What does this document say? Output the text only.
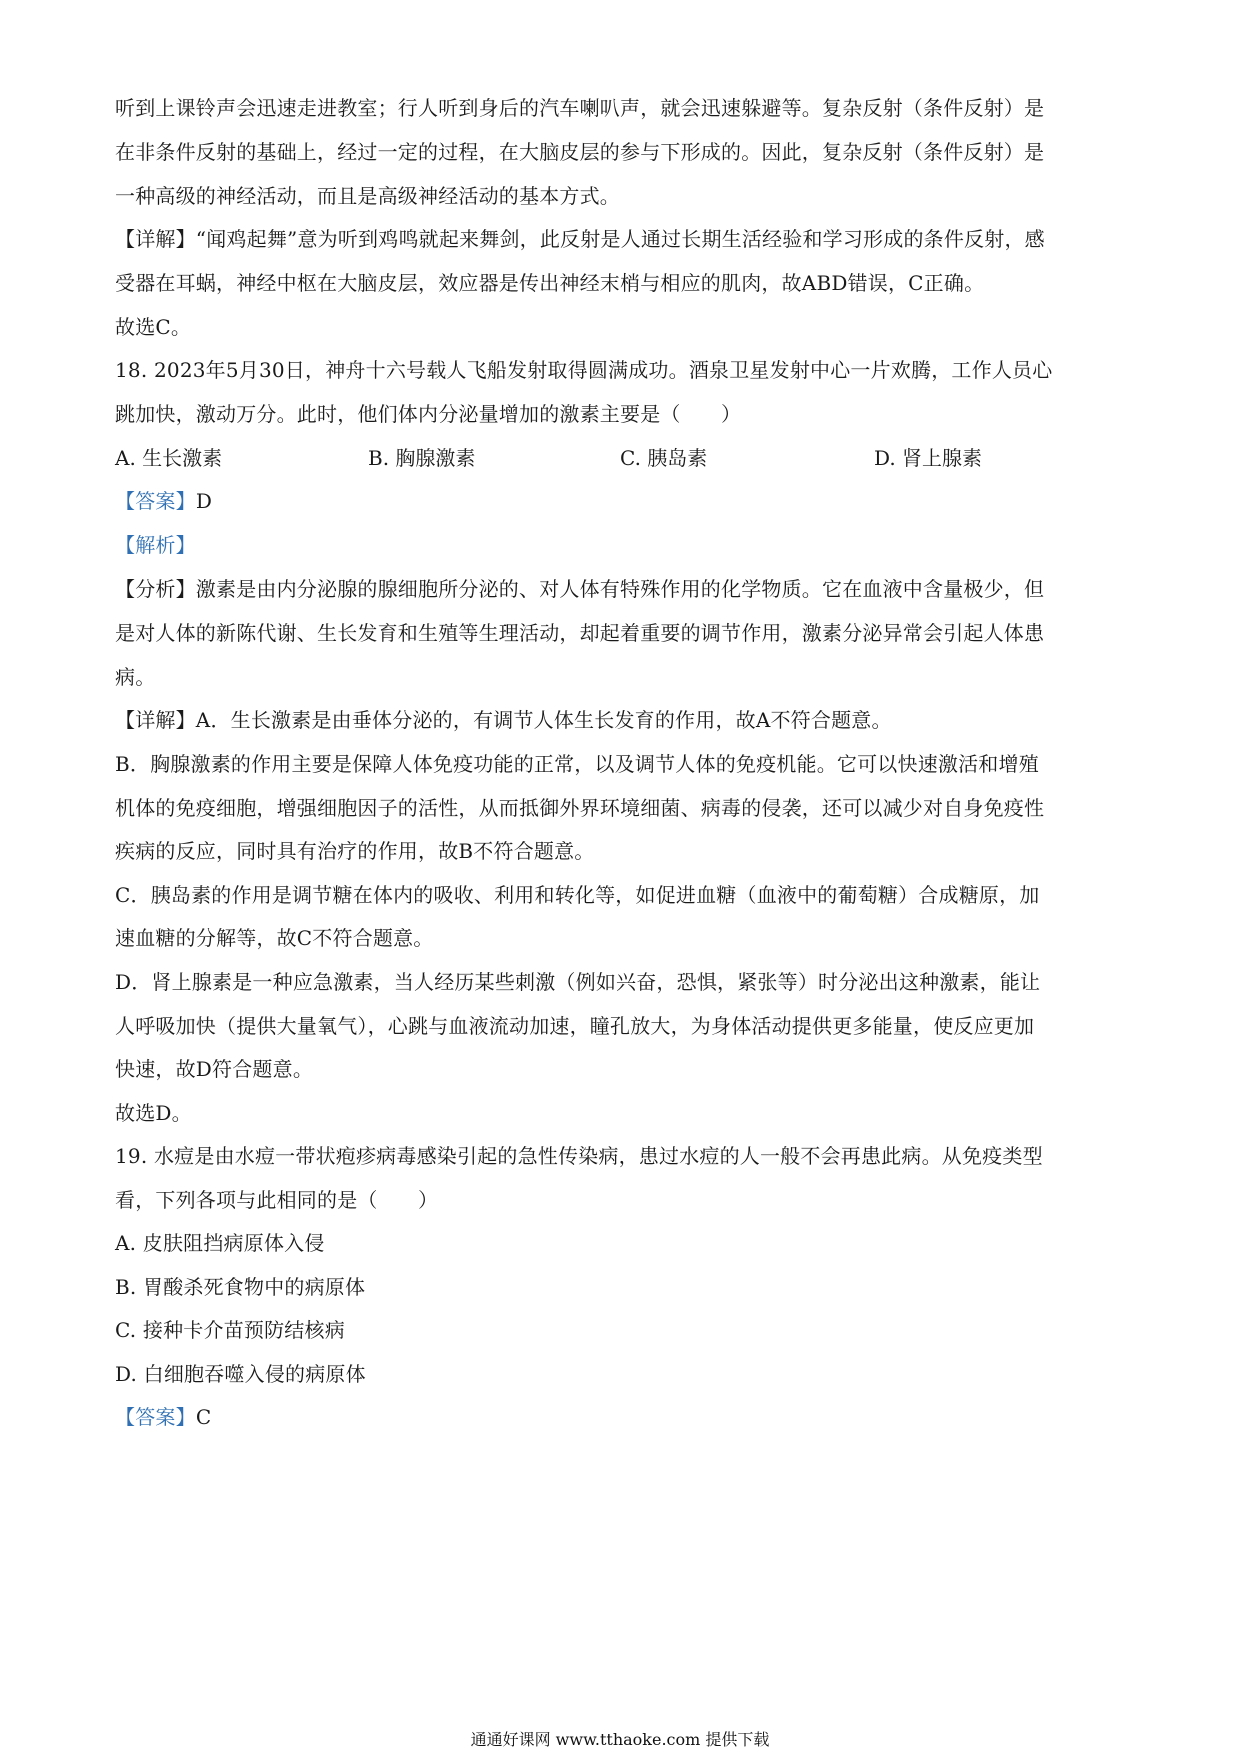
听到上课铃声会迅速走进教室；行人听到身后的汽车喇叭声，就会迅速躲避等。复杂反射（条件反射）是
在非条件反射的基础上，经过一定的过程，在大脑皮层的参与下形成的。因此，复杂反射（条件反射）是
一种高级的神经活动，而且是高级神经活动的基本方式。
【详解】“闻鸡起舞”意为听到鸡鸣就起来舞剑，此反射是人通过长期生活经验和学习形成的条件反射，感
受器在耳蜗，神经中枢在大脑皮层，效应器是传出神经末梢与相应的肌肉，故ABD错误，C正确。
故选C。
18. 2023年5月30日，神舟十六号载人飞船发射取得圆满成功。酒泉卫星发射中心一片欢腾，工作人员心
跳加快，激动万分。此时，他们体内分泌量增加的激素主要是（　　）
A. 生长激素	B. 胸腺激素	C. 胰岛素	D. 肾上腺素
【答案】D
【解析】
【分析】激素是由内分泌腺的腺细胞所分泌的、对人体有特殊作用的化学物质。它在血液中含量极少，但
是对人体的新陈代谢、生长发育和生殖等生理活动，却起着重要的调节作用，激素分泌异常会引起人体患
病。
【详解】A．生长激素是由垂体分泌的，有调节人体生长发育的作用，故A不符合题意。
B．胸腺激素的作用主要是保障人体免疫功能的正常，以及调节人体的免疫机能。它可以快速激活和增殖
机体的免疫细胞，增强细胞因子的活性，从而抵御外界环境细菌、病毒的侵袭，还可以减少对自身免疫性
疾病的反应，同时具有治疗的作用，故B不符合题意。
C．胰岛素的作用是调节糖在体内的吸收、利用和转化等，如促进血糖（血液中的葡萄糖）合成糖原，加
速血糖的分解等，故C不符合题意。
D．肾上腺素是一种应急激素，当人经历某些刺激（例如兴奋，恐惧，紧张等）时分泌出这种激素，能让
人呼吸加快（提供大量氧气），心跳与血液流动加速，瞳孔放大，为身体活动提供更多能量，使反应更加
快速，故D符合题意。
故选D。
19. 水痘是由水痘一带状疱疹病毒感染引起的急性传染病，患过水痘的人一般不会再患此病。从免疫类型
看，下列各项与此相同的是（　　）
A. 皮肤阻挡病原体入侵
B. 胃酸杀死食物中的病原体
C. 接种卡介苗预防结核病
D. 白细胞吞噬入侵的病原体
【答案】C
通通好课网 www.tthaoke.com 提供下载
